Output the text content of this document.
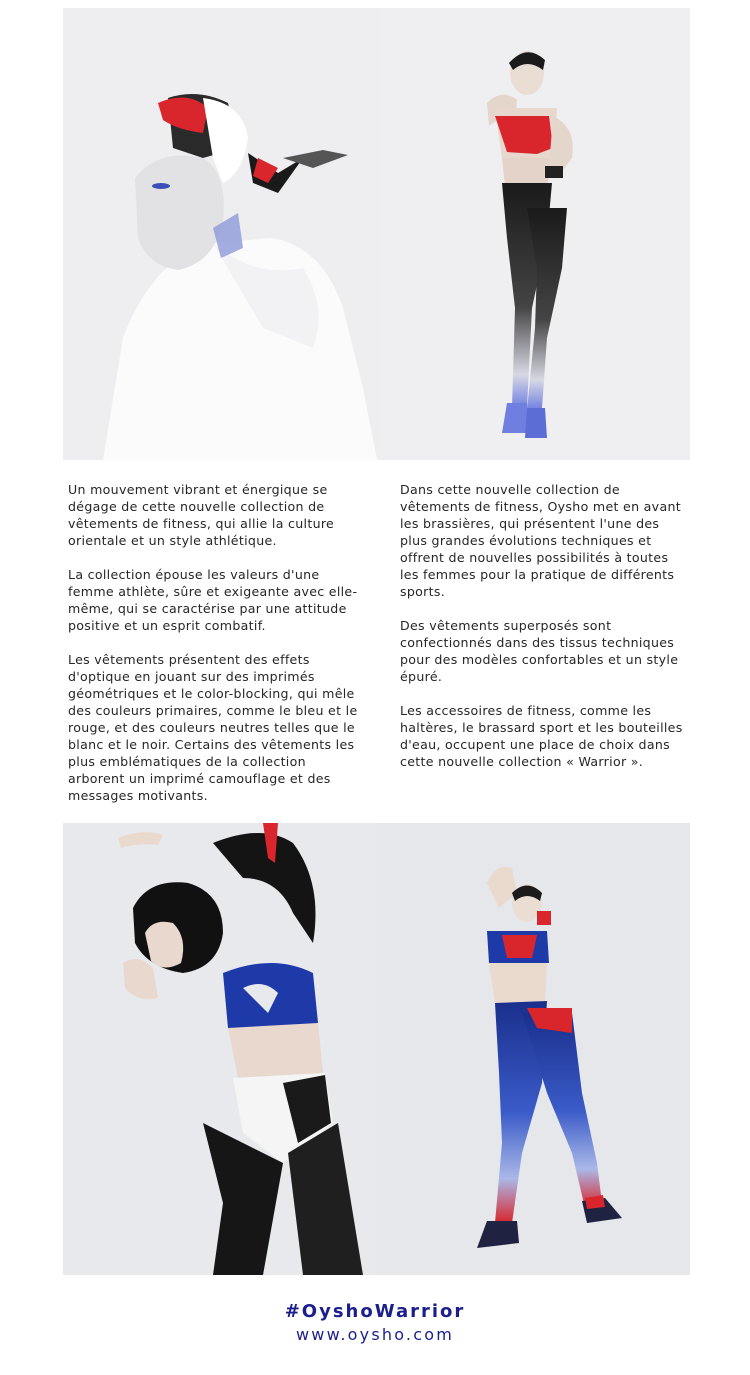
Un mouvement vibrant et énergique se dégage de cette nouvelle collection de vêtements de fitness, qui allie la culture orientale et un style athlétique.

La collection épouse les valeurs d'une femme athlète, sûre et exigeante avec elle-même, qui se caractérise par une attitude positive et un esprit combatif.

Les vêtements présentent des effets d'optique en jouant sur des imprimés géométriques et le color-blocking, qui mêle des couleurs primaires, comme le bleu et le rouge, et des couleurs neutres telles que le blanc et le noir. Certains des vêtements les plus emblématiques de la collection arborent un imprimé camouflage et des messages motivants.

Dans cette nouvelle collection de vêtements de fitness, Oysho met en avant les brassières, qui présentent l'une des plus grandes évolutions techniques et offrent de nouvelles possibilités à toutes les femmes pour la pratique de différents sports.

Des vêtements superposés sont confectionnés dans des tissus techniques pour des modèles confortables et un style épuré.

Les accessoires de fitness, comme les haltères, le brassard sport et les bouteilles d'eau, occupent une place de choix dans cette nouvelle collection « Warrior ».

#OyshoWarrior
www.oysho.com
